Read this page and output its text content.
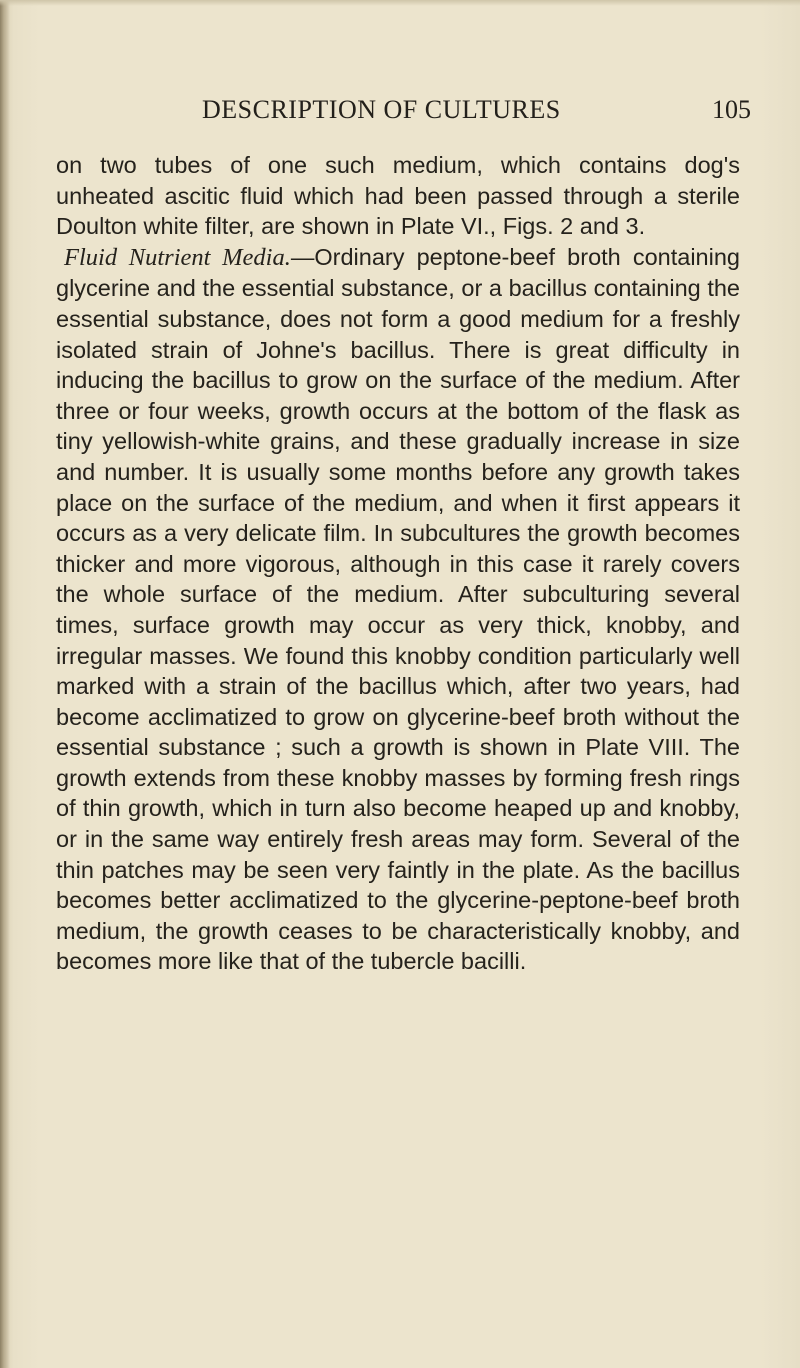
DESCRIPTION OF CULTURES	105

on two tubes of one such medium, which contains dog's unheated ascitic fluid which had been passed through a sterile Doulton white filter, are shown in Plate VI., Figs. 2 and 3.

Fluid Nutrient Media.—Ordinary peptone-beef broth containing glycerine and the essential substance, or a bacillus containing the essential substance, does not form a good medium for a freshly isolated strain of Johne's bacillus. There is great difficulty in inducing the bacillus to grow on the surface of the medium. After three or four weeks, growth occurs at the bottom of the flask as tiny yellowish-white grains, and these gradually increase in size and number. It is usually some months before any growth takes place on the surface of the medium, and when it first appears it occurs as a very delicate film. In subcultures the growth becomes thicker and more vigorous, although in this case it rarely covers the whole surface of the medium. After subculturing several times, surface growth may occur as very thick, knobby, and irregular masses. We found this knobby condition particularly well marked with a strain of the bacillus which, after two years, had become acclimatized to grow on glycerine-beef broth without the essential substance ; such a growth is shown in Plate VIII. The growth extends from these knobby masses by forming fresh rings of thin growth, which in turn also become heaped up and knobby, or in the same way entirely fresh areas may form. Several of the thin patches may be seen very faintly in the plate. As the bacillus becomes better acclimatized to the glycerine-peptone-beef broth medium, the growth ceases to be characteristically knobby, and becomes more like that of the tubercle bacilli.
